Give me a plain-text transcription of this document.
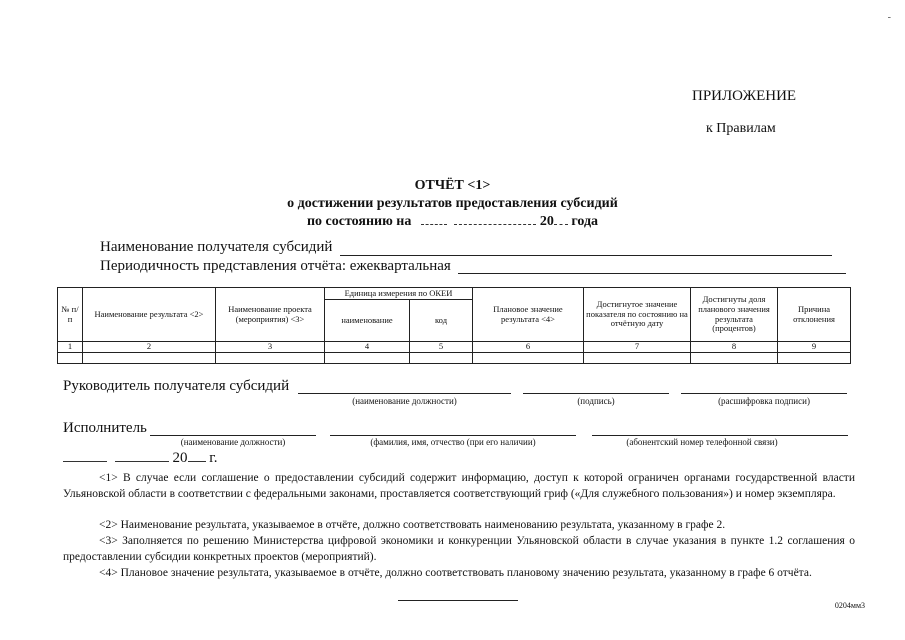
-
ПРИЛОЖЕНИЕ
к Правилам
ОТЧЁТ <1>
о достижении результатов предоставления субсидий
по состоянию на	20 года
Наименование получателя субсидий
Периодичность представления отчёта: ежеквартальная
№ п/п	Наименование результата <2>	Наименование проекта (мероприятия) <3>	Единица измерения по ОКЕИ		Плановое значение результата <4>	Достигнутое значение показателя по состоянию на отчётную дату	Достигнуты доля планового значения результата (процентов)	Причина отклонения
			наименование	код				
1	2	3	4	5	6	7	8	9

Руководитель получателя субсидий
(наименование должности)	(подпись)	(расшифровка подписи)
Исполнитель
(наименование должности)	(фамилия, имя, отчество (при его наличии)	(абонентский номер телефонной связи)
20 г.
<1> В случае если соглашение о предоставлении субсидий содержит информацию, доступ к которой ограничен органами государственной власти Ульяновской области в соответствии с федеральными законами, проставляется соответствующий гриф («Для служебного пользования») и номер экземпляра.
<2> Наименование результата, указываемое в отчёте, должно соответствовать наименованию результата, указанному в графе 2.
<3> Заполняется по решению Министерства цифровой экономики и конкуренции Ульяновской области в случае указания в пункте 1.2 соглашения о предоставлении субсидии конкретных проектов (мероприятий).
<4> Плановое значение результата, указываемое в отчёте, должно соответствовать плановому значению результата, указанному в графе 6 отчёта.
0204мм3
